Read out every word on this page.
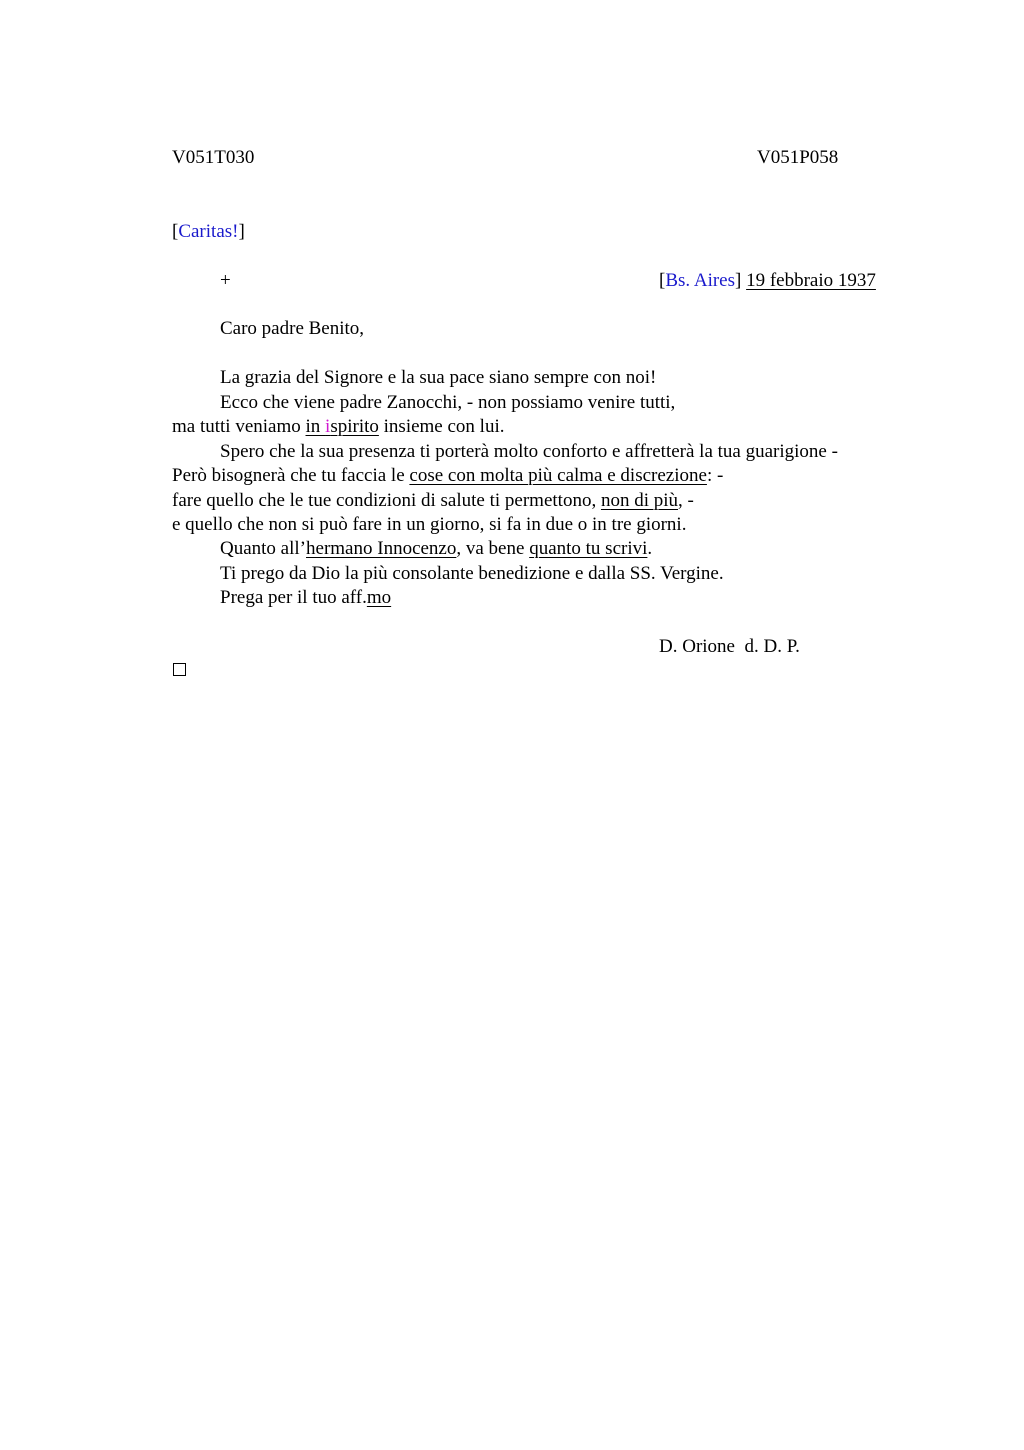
V051T030	V051P058
[Caritas!]
+	[Bs. Aires] 19 febbraio 1937
Caro padre Benito,
La grazia del Signore e la sua pace siano sempre con noi!
Ecco che viene padre Zanocchi, - non possiamo venire tutti,
ma tutti veniamo in ispirito insieme con lui.
Spero che la sua presenza ti porterà molto conforto e affretterà la tua guarigione -
Però bisognerà che tu faccia le cose con molta più calma e discrezione: -
fare quello che le tue condizioni di salute ti permettono, non di più, -
e quello che non si può fare in un giorno, si fa in due o in tre giorni.
Quanto all’hermano Innocenzo, va bene quanto tu scrivi.
Ti prego da Dio la più consolante benedizione e dalla SS. Vergine.
Prega per il tuo aff.mo
D. Orione  d. D. P.
